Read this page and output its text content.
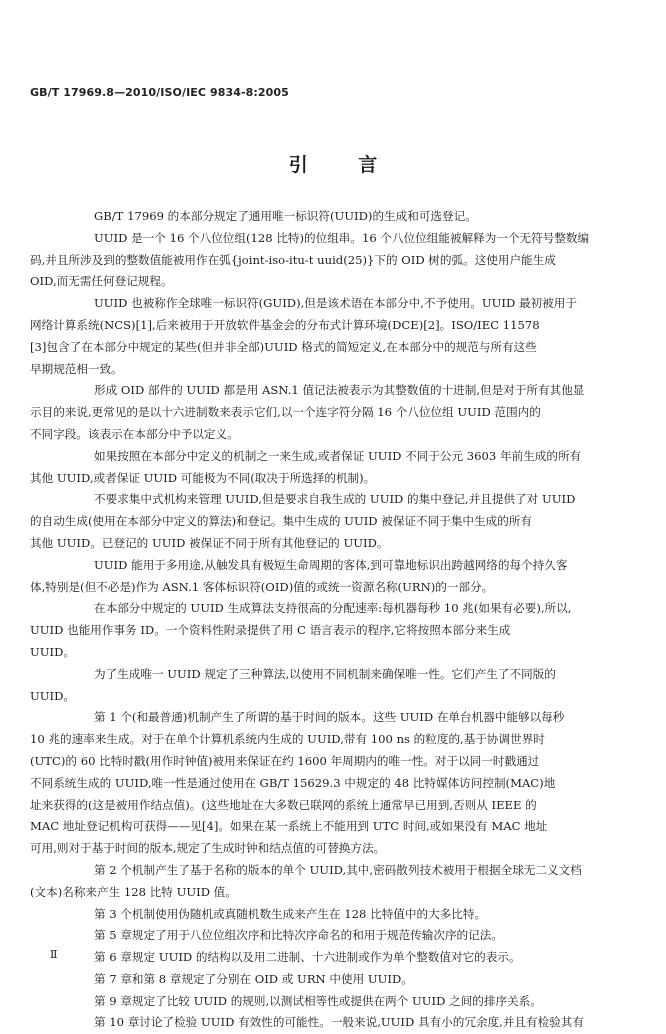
GB/T 17969.8—2010/ISO/IEC 9834-8:2005
引 言
GB/T 17969 的本部分规定了通用唯一标识符(UUID)的生成和可选登记。
UUID 是一个 16 个八位位组(128 比特)的位组串。16 个八位位组能被解释为一个无符号整数编
码,并且所涉及到的整数值能被用作在弧{joint-iso-itu-t uuid(25)}下的 OID 树的弧。这使用户能生成
OID,而无需任何登记规程。
UUID 也被称作全球唯一标识符(GUID),但是该术语在本部分中,不予使用。UUID 最初被用于
网络计算系统(NCS)[1],后来被用于开放软件基金会的分布式计算环境(DCE)[2]。ISO/IEC 11578
[3]包含了在本部分中规定的某些(但并非全部)UUID 格式的简短定义,在本部分中的规范与所有这些
早期规范相一致。
形成 OID 部件的 UUID 都是用 ASN.1 值记法被表示为其整数值的十进制,但是对于所有其他显
示目的来说,更常见的是以十六进制数来表示它们,以一个连字符分隔 16 个八位位组 UUID 范围内的
不同字段。该表示在本部分中予以定义。
如果按照在本部分中定义的机制之一来生成,或者保证 UUID 不同于公元 3603 年前生成的所有
其他 UUID,或者保证 UUID 可能极为不同(取决于所选择的机制)。
不要求集中式机构来管理 UUID,但是要求自我生成的 UUID 的集中登记,并且提供了对 UUID
的自动生成(使用在本部分中定义的算法)和登记。集中生成的 UUID 被保证不同于集中生成的所有
其他 UUID。已登记的 UUID 被保证不同于所有其他登记的 UUID。
UUID 能用于多用途,从触发具有极短生命周期的客体,到可靠地标识出跨越网络的每个持久客
体,特别是(但不必是)作为 ASN.1 客体标识符(OID)值的或统一资源名称(URN)的一部分。
在本部分中规定的 UUID 生成算法支持很高的分配速率:每机器每秒 10 兆(如果有必要),所以,
UUID 也能用作事务 ID。一个资料性附录提供了用 C 语言表示的程序,它将按照本部分来生成
UUID。
为了生成唯一 UUID 规定了三种算法,以使用不同机制来确保唯一性。它们产生了不同版的
UUID。
第 1 个(和最普通)机制产生了所谓的基于时间的版本。这些 UUID 在单台机器中能够以每秒
10 兆的速率来生成。对于在单个计算机系统内生成的 UUID,带有 100 ns 的粒度的,基于协调世界时
(UTC)的 60 比特时戳(用作时钟值)被用来保证在约 1600 年周期内的唯一性。对于以同一时戳通过
不同系统生成的 UUID,唯一性是通过使用在 GB/T 15629.3 中规定的 48 比特媒体访问控制(MAC)地
址来获得的(这是被用作结点值)。(这些地址在大多数已联网的系统上通常早已用到,否则从 IEEE 的
MAC 地址登记机构可获得——见[4]。如果在某一系统上不能用到 UTC 时间,或如果没有 MAC 地址
可用,则对于基于时间的版本,规定了生成时钟和结点值的可替换方法。
第 2 个机制产生了基于名称的版本的单个 UUID,其中,密码散列技术被用于根据全球无二义文档
(文本)名称来产生 128 比特 UUID 值。
第 3 个机制使用伪随机或真随机数生成来产生在 128 比特值中的大多比特。
第 5 章规定了用于八位位组次序和比特次序命名的和用于规范传输次序的记法。
第 6 章规定 UUID 的结构以及用二进制、十六进制或作为单个整数值对它的表示。
第 7 章和第 8 章规定了分别在 OID 或 URN 中使用 UUID。
第 9 章规定了比较 UUID 的规则,以测试相等性或提供在两个 UUID 之间的排序关系。
第 10 章讨论了检验 UUID 有效性的可能性。一般来说,UUID 具有小的冗余度,并且有检验其有
Ⅱ
